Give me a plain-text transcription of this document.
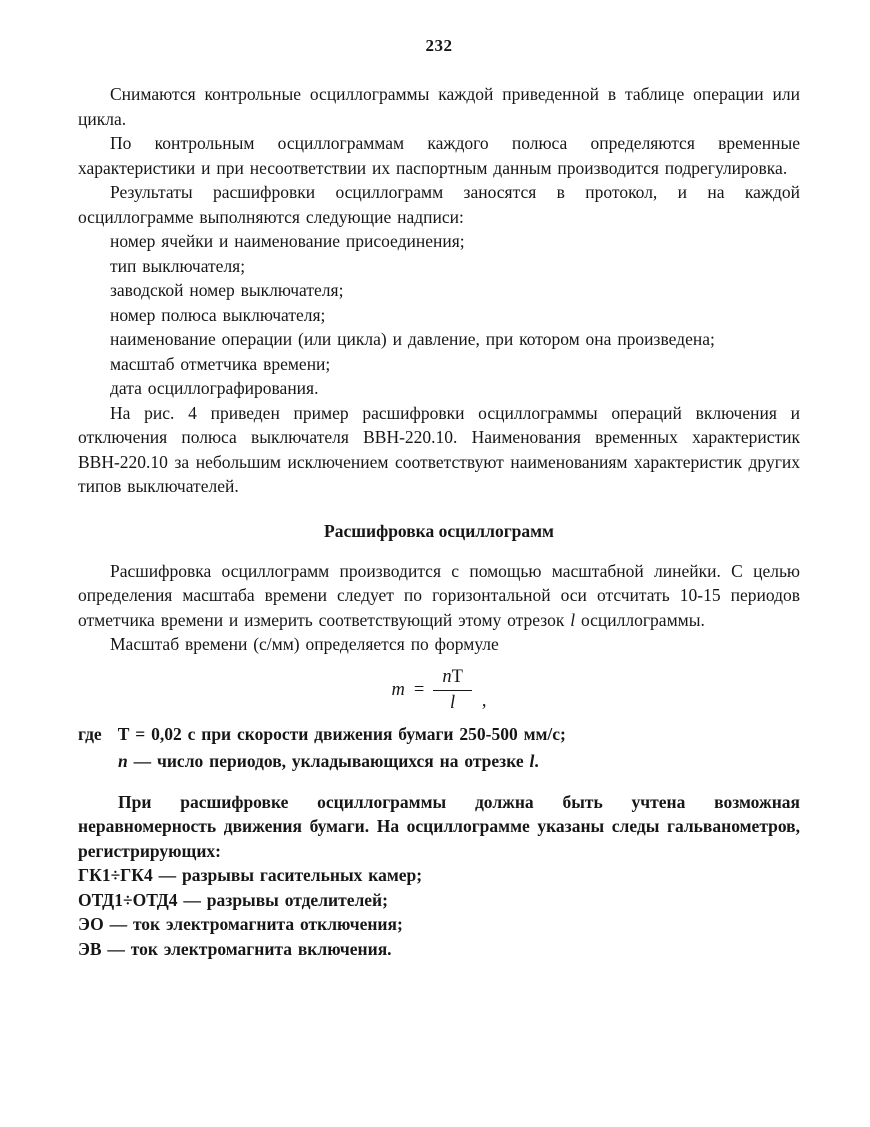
232

Снимаются контрольные осциллограммы каждой приведенной в таблице операции или цикла.

По контрольным осциллограммам каждого полюса определяются временные характеристики и при несоответствии их паспортным данным производится подрегулировка.

Результаты расшифровки осциллограмм заносятся в протокол, и на каждой осциллограмме выполняются следующие надписи:

номер ячейки и наименование присоединения;

тип выключателя;

заводской номер выключателя;

номер полюса выключателя;

наименование операции (или цикла) и давление, при котором она произведена;

масштаб отметчика времени;

дата осциллографирования.

На рис. 4 приведен пример расшифровки осциллограммы операций включения и отключения полюса выключателя ВВН-220.10. Наименования временных характеристик ВВН-220.10 за небольшим исключением соответствуют наименованиям характеристик других типов выключателей.

Расшифровка осциллограмм

Расшифровка осциллограмм производится с помощью масштабной линейки. С целью определения масштаба времени следует по горизонтальной оси отсчитать 10-15 периодов отметчика времени и измерить соответствующий этому отрезок l осциллограммы.

Масштаб времени (с/мм) определяется по формуле

$m = \frac{nТ}{l}$ ,

где Т = 0,02 с при скорости движения бумаги 250-500 мм/с;

n — число периодов, укладывающихся на отрезке l.

При расшифровке осциллограммы должна быть учтена возможная неравномерность движения бумаги. На осциллограмме указаны следы гальванометров, регистрирующих:

ГК1÷ГК4 — разрывы гасительных камер;

ОТД1÷ОТД4 — разрывы отделителей;

ЭО — ток электромагнита отключения;

ЭВ — ток электромагнита включения.
